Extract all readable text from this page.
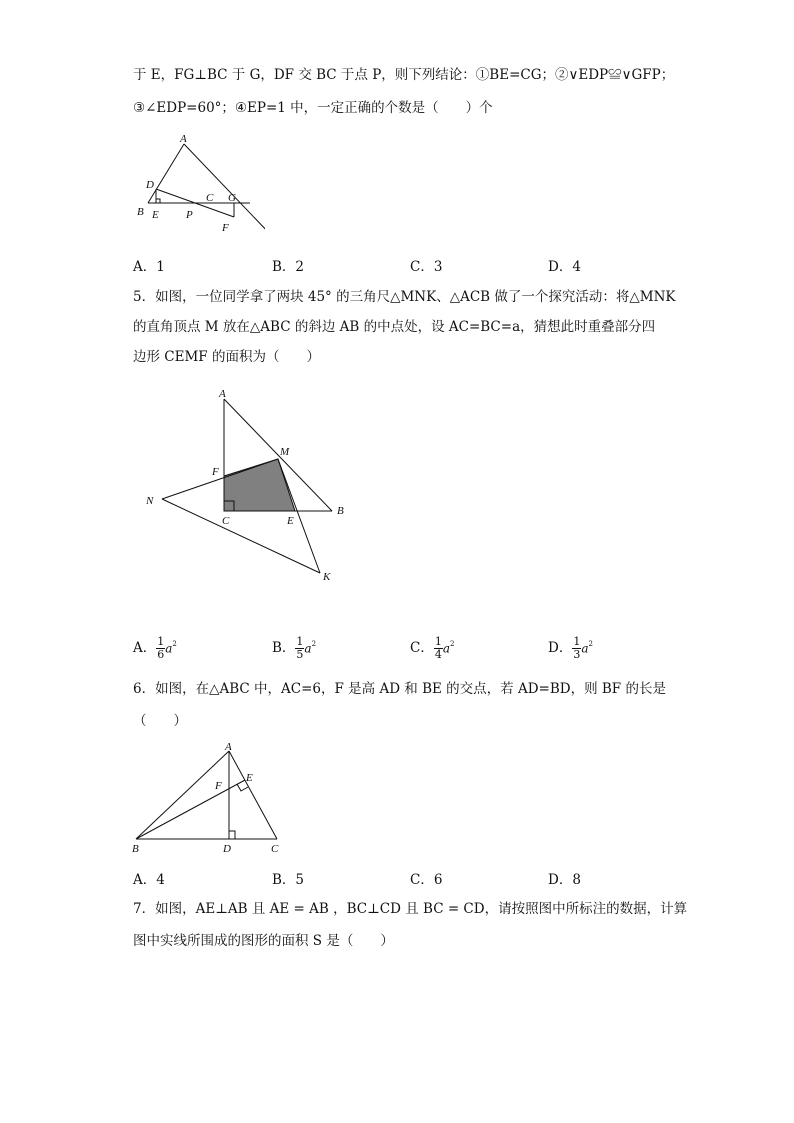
于 E，FG⊥BC 于 G，DF 交 BC 于点 P，则下列结论：①BE=CG；②∨EDP≌∨GFP；
③∠EDP=60°；④EP=1 中，一定正确的个数是（　　）个
A
D
B E
C G
P
F
A．1	B．2	C．3	D．4
5．如图，一位同学拿了两块 45° 的三角尺△MNK、△ACB 做了一个探究活动：将△MNK
的直角顶点 M 放在△ABC 的斜边 AB 的中点处，设 AC=BC=a，猜想此时重叠部分四
边形 CEMF 的面积为（　　）
A
M
F
N
C	E
B
K
A． $\frac{1}{6} a^2$	B． $\frac{1}{5} a^2$	C． $\frac{1}{4} a^2$	D． $\frac{1}{3} a^2$
6．如图，在△ABC 中，AC=6，F 是高 AD 和 BE 的交点，若 AD=BD，则 BF 的长是
（　　）
A
E
F
B	D	C
A．4	B．5	C．6	D．8
7．如图，AE⊥AB 且 AE = AB ，BC⊥CD 且 BC = CD，请按照图中所标注的数据，计算
图中实线所围成的图形的面积 S 是（　　）
